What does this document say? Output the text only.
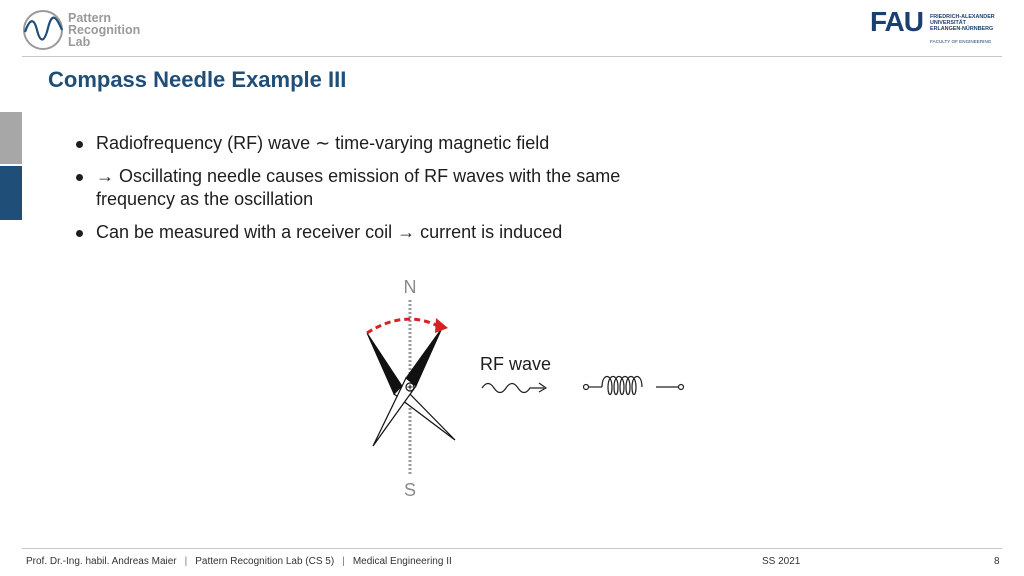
Pattern
Recognition
Lab
FAU FRIEDRICH-ALEXANDER
UNIVERSITÄT
ERLANGEN-NÜRNBERG
FACULTY OF ENGINEERING
Compass Needle Example III
Radiofrequency (RF) wave ∼ time-varying magnetic field
→ Oscillating needle causes emission of RF waves with the same frequency as the oscillation
Can be measured with a receiver coil → current is induced
N
S
RF wave
Prof. Dr.-Ing. habil. Andreas Maier | Pattern Recognition Lab (CS 5) | Medical Engineering II	SS 2021	8
